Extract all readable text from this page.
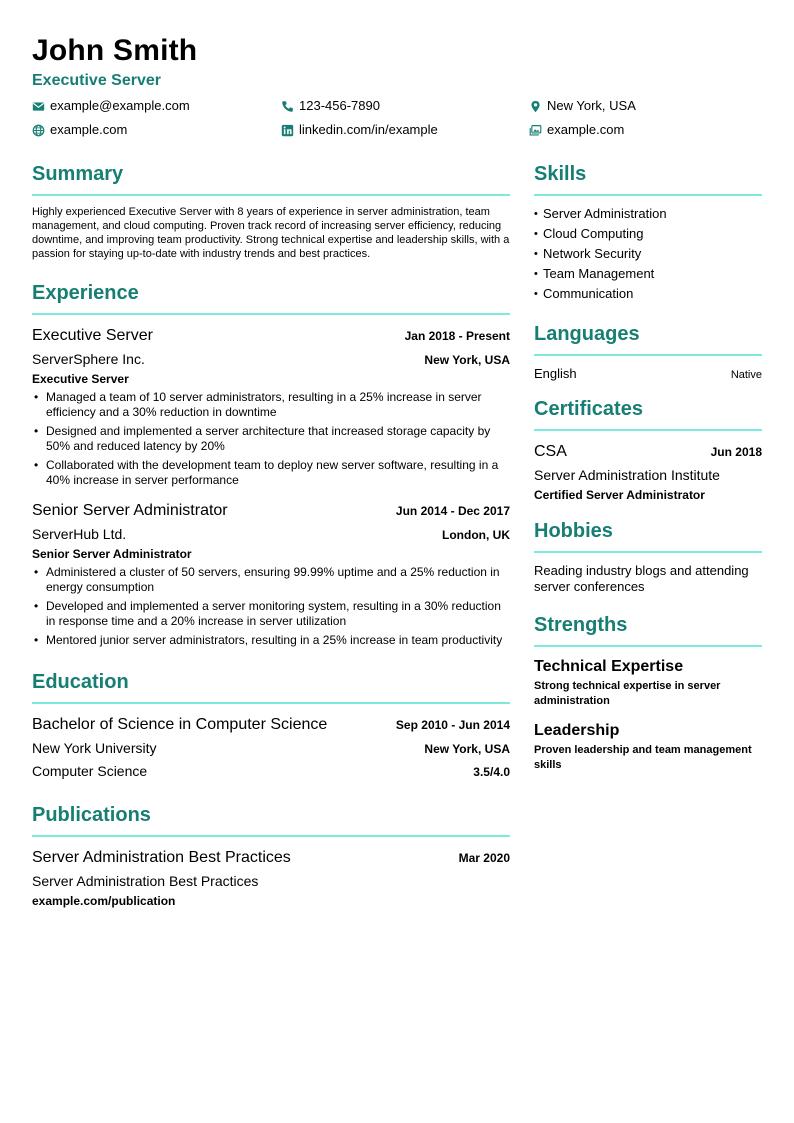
John Smith
Executive Server
example@example.com	123-456-7890	New York, USA
example.com	linkedin.com/in/example	example.com
Summary
Highly experienced Executive Server with 8 years of experience in server administration, team management, and cloud computing. Proven track record of increasing server efficiency, reducing downtime, and improving team productivity. Strong technical expertise and leadership skills, with a passion for staying up-to-date with industry trends and best practices.
Experience
Executive Server	Jan 2018 - Present
ServerSphere Inc.	New York, USA
Executive Server
• Managed a team of 10 server administrators, resulting in a 25% increase in server efficiency and a 30% reduction in downtime
• Designed and implemented a server architecture that increased storage capacity by 50% and reduced latency by 20%
• Collaborated with the development team to deploy new server software, resulting in a 40% increase in server performance
Senior Server Administrator	Jun 2014 - Dec 2017
ServerHub Ltd.	London, UK
Senior Server Administrator
• Administered a cluster of 50 servers, ensuring 99.99% uptime and a 25% reduction in energy consumption
• Developed and implemented a server monitoring system, resulting in a 30% reduction in response time and a 20% increase in server utilization
• Mentored junior server administrators, resulting in a 25% increase in team productivity
Education
Bachelor of Science in Computer Science	Sep 2010 - Jun 2014
New York University	New York, USA
Computer Science	3.5/4.0
Publications
Server Administration Best Practices	Mar 2020
Server Administration Best Practices
example.com/publication
Skills
• Server Administration
• Cloud Computing
• Network Security
• Team Management
• Communication
Languages
English	Native
Certificates
CSA	Jun 2018
Server Administration Institute
Certified Server Administrator
Hobbies
Reading industry blogs and attending server conferences
Strengths
Technical Expertise
Strong technical expertise in server administration
Leadership
Proven leadership and team management skills
